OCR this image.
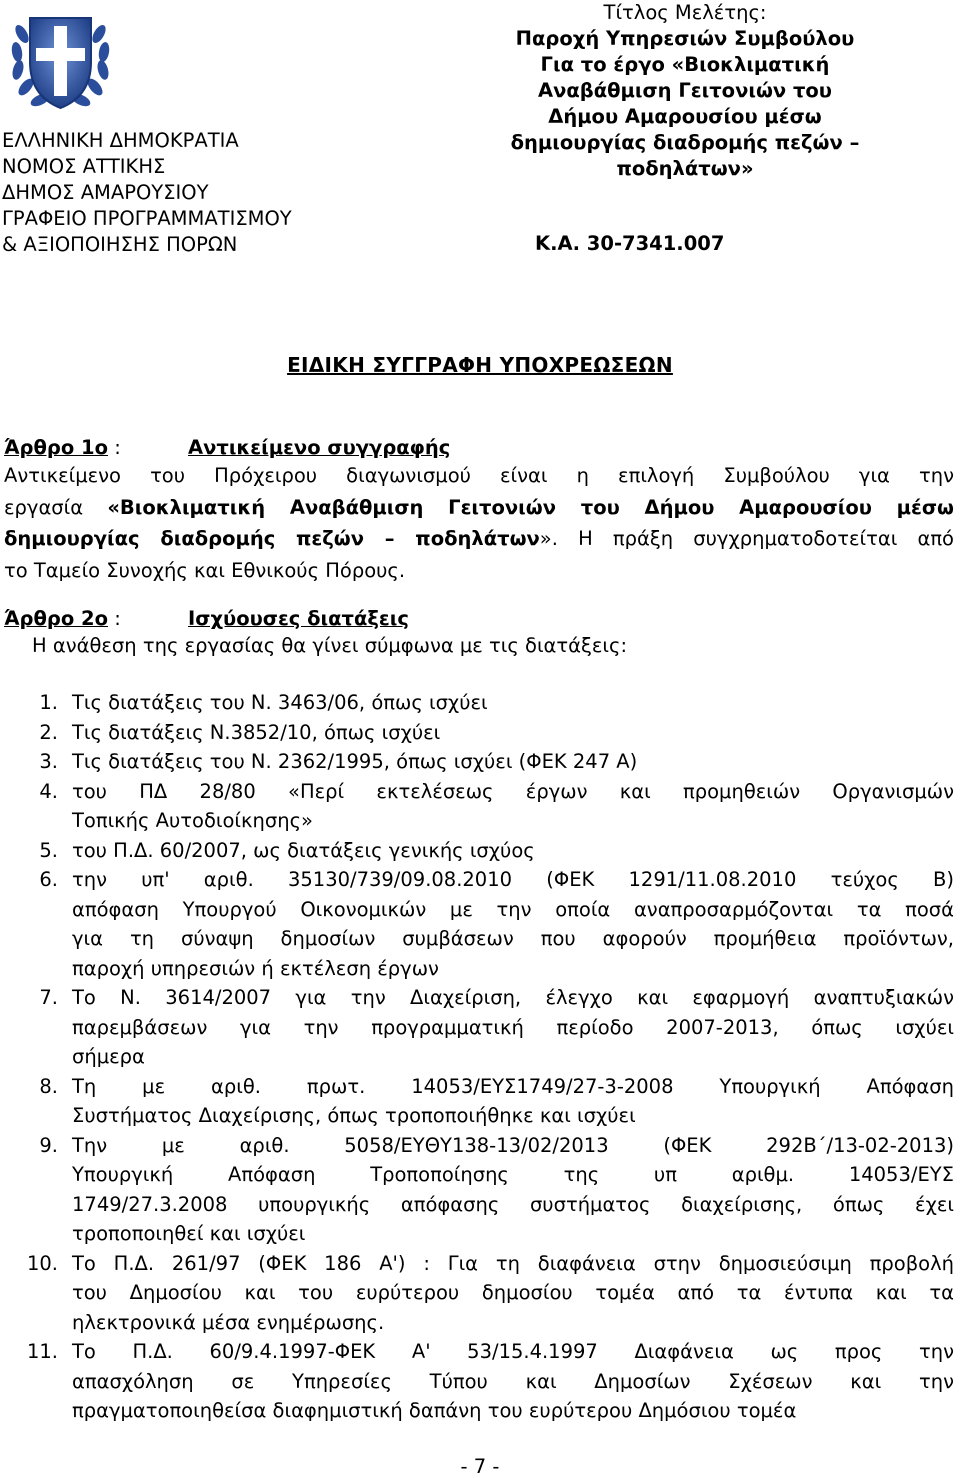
ΕΛΛΗΝΙΚΗ ΔΗΜΟΚΡΑΤΙΑ
ΝΟΜΟΣ ΑΤΤΙΚΗΣ
ΔΗΜΟΣ ΑΜΑΡΟΥΣΙΟΥ
ΓΡΑΦΕΙΟ ΠΡΟΓΡΑΜΜΑΤΙΣΜΟΥ
& ΑΞΙΟΠΟΙΗΣΗΣ ΠΟΡΩΝ
Τίτλος Μελέτης:
Παροχή Υπηρεσιών Συμβούλου
Για το έργο «Βιοκλιματική
Αναβάθμιση Γειτονιών του
Δήμου Αμαρουσίου μέσω
δημιουργίας διαδρομής πεζών –
ποδηλάτων»
Κ.Α. 30-7341.007
ΕΙΔΙΚΗ ΣΥΓΓΡΑΦΗ ΥΠΟΧΡΕΩΣΕΩΝ
Άρθρο 1ο :	Αντικείμενο συγγραφής
Αντικείμενο του Πρόχειρου διαγωνισμού είναι η επιλογή Συμβούλου για την
εργασία «Βιοκλιματική Αναβάθμιση Γειτονιών του Δήμου Αμαρουσίου μέσω
δημιουργίας διαδρομής πεζών – ποδηλάτων». Η πράξη συγχρηματοδοτείται από
το Ταμείο Συνοχής και Εθνικούς Πόρους.
Άρθρο 2ο :	Ισχύουσες διατάξεις
Η ανάθεση της εργασίας θα γίνει σύμφωνα με τις διατάξεις:
1. Τις διατάξεις του Ν. 3463/06, όπως ισχύει
2. Τις διατάξεις Ν.3852/10, όπως ισχύει
3. Τις διατάξεις του Ν. 2362/1995, όπως ισχύει (ΦΕΚ 247 Α)
4. του ΠΔ 28/80 «Περί εκτελέσεως έργων και προμηθειών Οργανισμών
Τοπικής Αυτοδιοίκησης»
5. του Π.Δ. 60/2007, ως διατάξεις γενικής ισχύος
6. την υπ' αριθ. 35130/739/09.08.2010 (ΦΕΚ 1291/11.08.2010 τεύχος Β)
απόφαση Υπουργού Οικονομικών με την οποία αναπροσαρμόζονται τα ποσά
για τη σύναψη δημοσίων συμβάσεων που αφορούν προμήθεια προϊόντων,
παροχή υπηρεσιών ή εκτέλεση έργων
7. Το Ν. 3614/2007 για την Διαχείριση, έλεγχο και εφαρμογή αναπτυξιακών
παρεμβάσεων για την προγραμματική περίοδο 2007-2013, όπως ισχύει
σήμερα
8. Τη με αριθ. πρωτ. 14053/ΕΥΣ1749/27-3-2008 Υπουργική Απόφαση
Συστήματος Διαχείρισης, όπως τροποποιήθηκε και ισχύει
9. Την με αριθ. 5058/ΕΥΘΥ138-13/02/2013 (ΦΕΚ 292Β΄/13-02-2013)
Υπουργική Απόφαση Τροποποίησης της υπ αριθμ. 14053/ΕΥΣ
1749/27.3.2008 υπουργικής απόφασης συστήματος διαχείρισης, όπως έχει
τροποποιηθεί και ισχύει
10. Το Π.Δ. 261/97 (ΦΕΚ 186 Α') : Για τη διαφάνεια στην δημοσιεύσιμη προβολή
του Δημοσίου και του ευρύτερου δημοσίου τομέα από τα έντυπα και τα
ηλεκτρονικά μέσα ενημέρωσης.
11. Το Π.Δ. 60/9.4.1997-ΦΕΚ Α' 53/15.4.1997 Διαφάνεια ως προς την
απασχόληση σε Υπηρεσίες Τύπου και Δημοσίων Σχέσεων και την
πραγματοποιηθείσα διαφημιστική δαπάνη του ευρύτερου Δημόσιου τομέα
- 7 -
